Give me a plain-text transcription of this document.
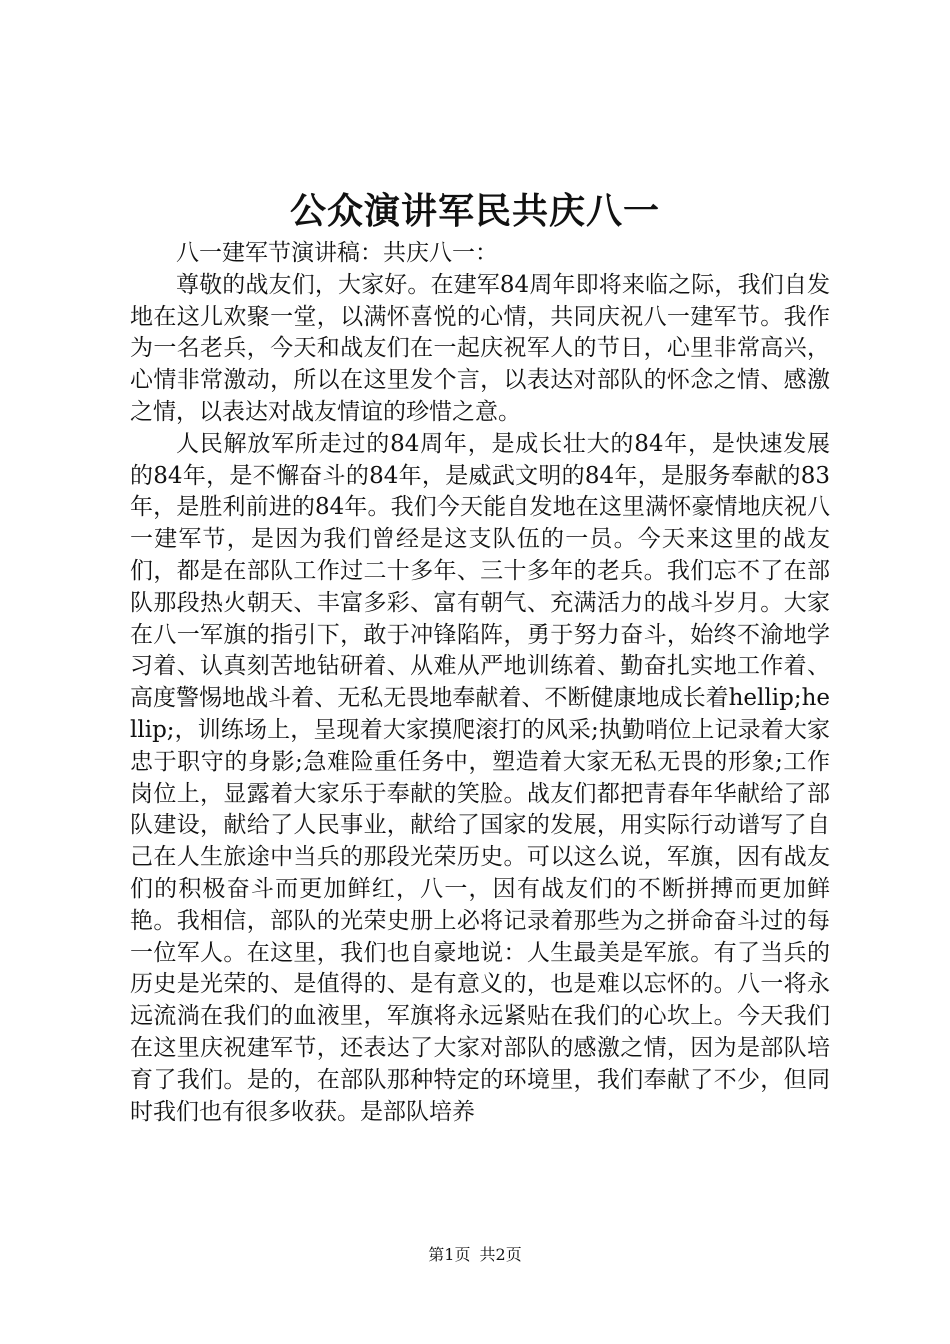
公众演讲军民共庆八一

八一建军节演讲稿：共庆八一：

尊敬的战友们，大家好。在建军84周年即将来临之际，我们自发地在这儿欢聚一堂，以满怀喜悦的心情，共同庆祝八一建军节。我作为一名老兵，今天和战友们在一起庆祝军人的节日，心里非常高兴，心情非常激动，所以在这里发个言，以表达对部队的怀念之情、感激之情，以表达对战友情谊的珍惜之意。

人民解放军所走过的84周年，是成长壮大的84年，是快速发展的84年，是不懈奋斗的84年，是威武文明的84年，是服务奉献的83年，是胜利前进的84年。我们今天能自发地在这里满怀豪情地庆祝八一建军节，是因为我们曾经是这支队伍的一员。今天来这里的战友们，都是在部队工作过二十多年、三十多年的老兵。我们忘不了在部队那段热火朝天、丰富多彩、富有朝气、充满活力的战斗岁月。大家在八一军旗的指引下，敢于冲锋陷阵，勇于努力奋斗，始终不渝地学习着、认真刻苦地钻研着、从难从严地训练着、勤奋扎实地工作着、高度警惕地战斗着、无私无畏地奉献着、不断健康地成长着hellip;hellip;，训练场上，呈现着大家摸爬滚打的风采;执勤哨位上记录着大家忠于职守的身影;急难险重任务中，塑造着大家无私无畏的形象;工作岗位上，显露着大家乐于奉献的笑脸。战友们都把青春年华献给了部队建设，献给了人民事业，献给了国家的发展，用实际行动谱写了自己在人生旅途中当兵的那段光荣历史。可以这么说，军旗，因有战友们的积极奋斗而更加鲜红，八一，因有战友们的不断拼搏而更加鲜艳。我相信，部队的光荣史册上必将记录着那些为之拼命奋斗过的每一位军人。在这里，我们也自豪地说：人生最美是军旅。有了当兵的历史是光荣的、是值得的、是有意义的，也是难以忘怀的。八一将永远流淌在我们的血液里，军旗将永远紧贴在我们的心坎上。今天我们在这里庆祝建军节，还表达了大家对部队的感激之情，因为是部队培育了我们。是的，在部队那种特定的环境里，我们奉献了不少，但同时我们也有很多收获。是部队培养

第1页 共2页
